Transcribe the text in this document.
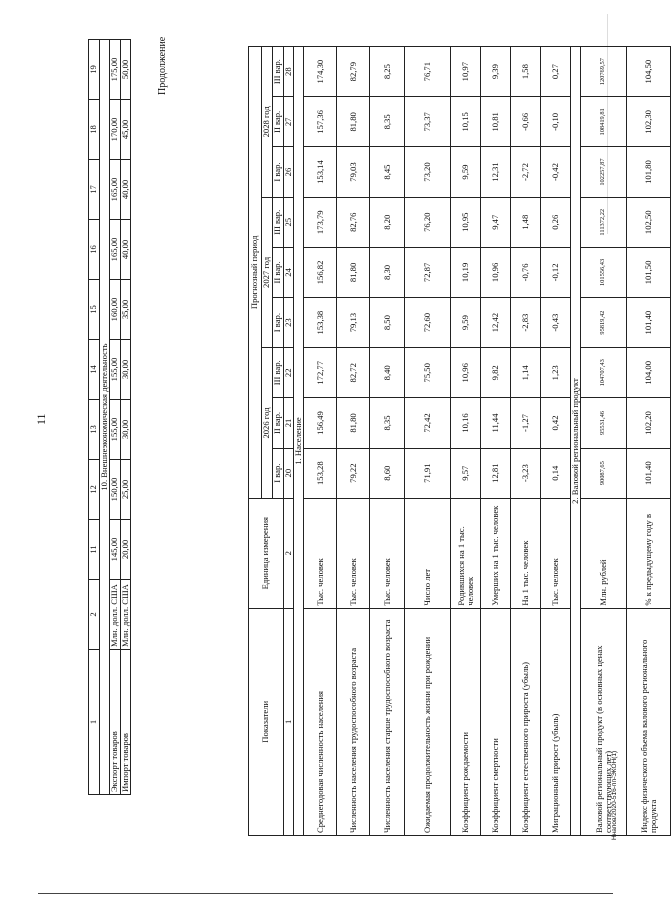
11
Ннапов/2020-516-пп-ЭКОН(1)
Продолжение
1	2	11	12	13	14	15	16	17	18	19
10. Внешнеэкономическая деятельность										
Экспорт товаров	Млн. долл. США	145,00	150,00	155,00	155,00	160,00	165,00	165,00	170,00	175,00
Импорт товаров	Млн. долл. США	20,00	25,00	30,00	30,00	35,00	40,00	40,00	45,00	50,00
Показатели	Единица измерения	Прогнозный период								
		2026 год			2027 год			2028 год		
		I вар.	II вар.	III вар.	I вар.	II вар.	III вар.	I вар.	II вар.	III вар.
1	2	20	21	22	23	24	25	26	27	28
1. Население										
Среднегодовая численность населения	Тыс. человек	153,28	156,49	172,77	153,38	156,82	173,79	153,14	157,36	174,30
Численность населения трудоспособного возраста	Тыс. человек	79,22	81,80	82,72	79,13	81,80	82,76	79,03	81,80	82,79
Численность населения старше трудоспособного возраста	Тыс. человек	8,60	8,35	8,40	8,50	8,30	8,20	8,45	8,35	8,25
Ожидаемая продолжительность жизни при рождении	Число лет	71,91	72,42	75,50	72,60	72,87	76,20	73,20	73,37	76,71
Коэффициент рождаемости	Родившихся на 1 тыс. человек	9,57	10,16	10,96	9,59	10,19	10,95	9,59	10,15	10,97
Коэффициент смертности	Умерших на 1 тыс. человек	12,81	11,44	9,82	12,42	10,96	9,47	12,31	10,81	9,39
Коэффициент естественного прироста (убыль)	На 1 тыс. человек	-3,23	-1,27	1,14	-2,83	-0,76	1,48	-2,72	-0,66	1,58
Миграционный прирост (убыль)	Тыс. человек	0,14	0,42	1,23	-0,43	-0,12	0,26	-0,42	-0,10	0,27
2. Валовой региональный продукт										
Валовой региональный продукт (в основных ценах соответствующих лет)	Млн. рублей	90087,65	95531,46	104707,43	95819,42	101556,43	111372,22	102257,87	108419,81	120769,57
Индекс физического объема валового регионального продукта	% к предыдущему году в	101,40	102,20	104,00	101,40	101,50	102,50	101,80	102,30	104,50
